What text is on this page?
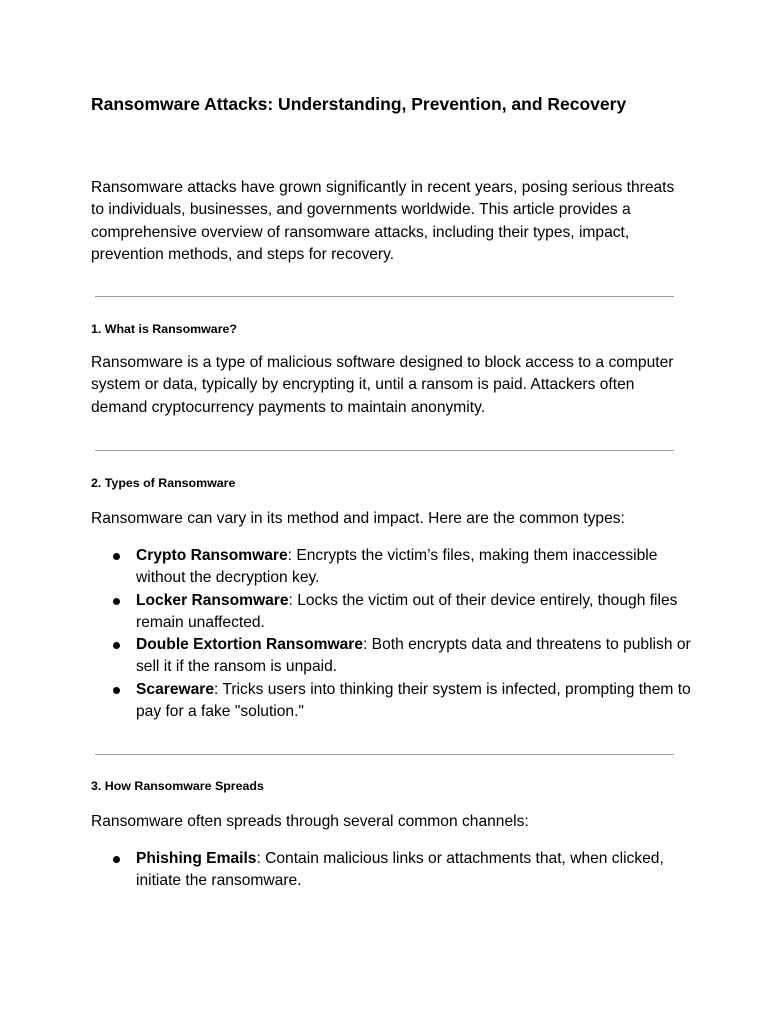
Ransomware Attacks: Understanding, Prevention, and Recovery

Ransomware attacks have grown significantly in recent years, posing serious threats to individuals, businesses, and governments worldwide. This article provides a comprehensive overview of ransomware attacks, including their types, impact, prevention methods, and steps for recovery.

1. What is Ransomware?

Ransomware is a type of malicious software designed to block access to a computer system or data, typically by encrypting it, until a ransom is paid. Attackers often demand cryptocurrency payments to maintain anonymity.

2. Types of Ransomware

Ransomware can vary in its method and impact. Here are the common types:

Crypto Ransomware: Encrypts the victim’s files, making them inaccessible without the decryption key.
Locker Ransomware: Locks the victim out of their device entirely, though files remain unaffected.
Double Extortion Ransomware: Both encrypts data and threatens to publish or sell it if the ransom is unpaid.
Scareware: Tricks users into thinking their system is infected, prompting them to pay for a fake "solution."
3. How Ransomware Spreads

Ransomware often spreads through several common channels:

Phishing Emails: Contain malicious links or attachments that, when clicked, initiate the ransomware.
